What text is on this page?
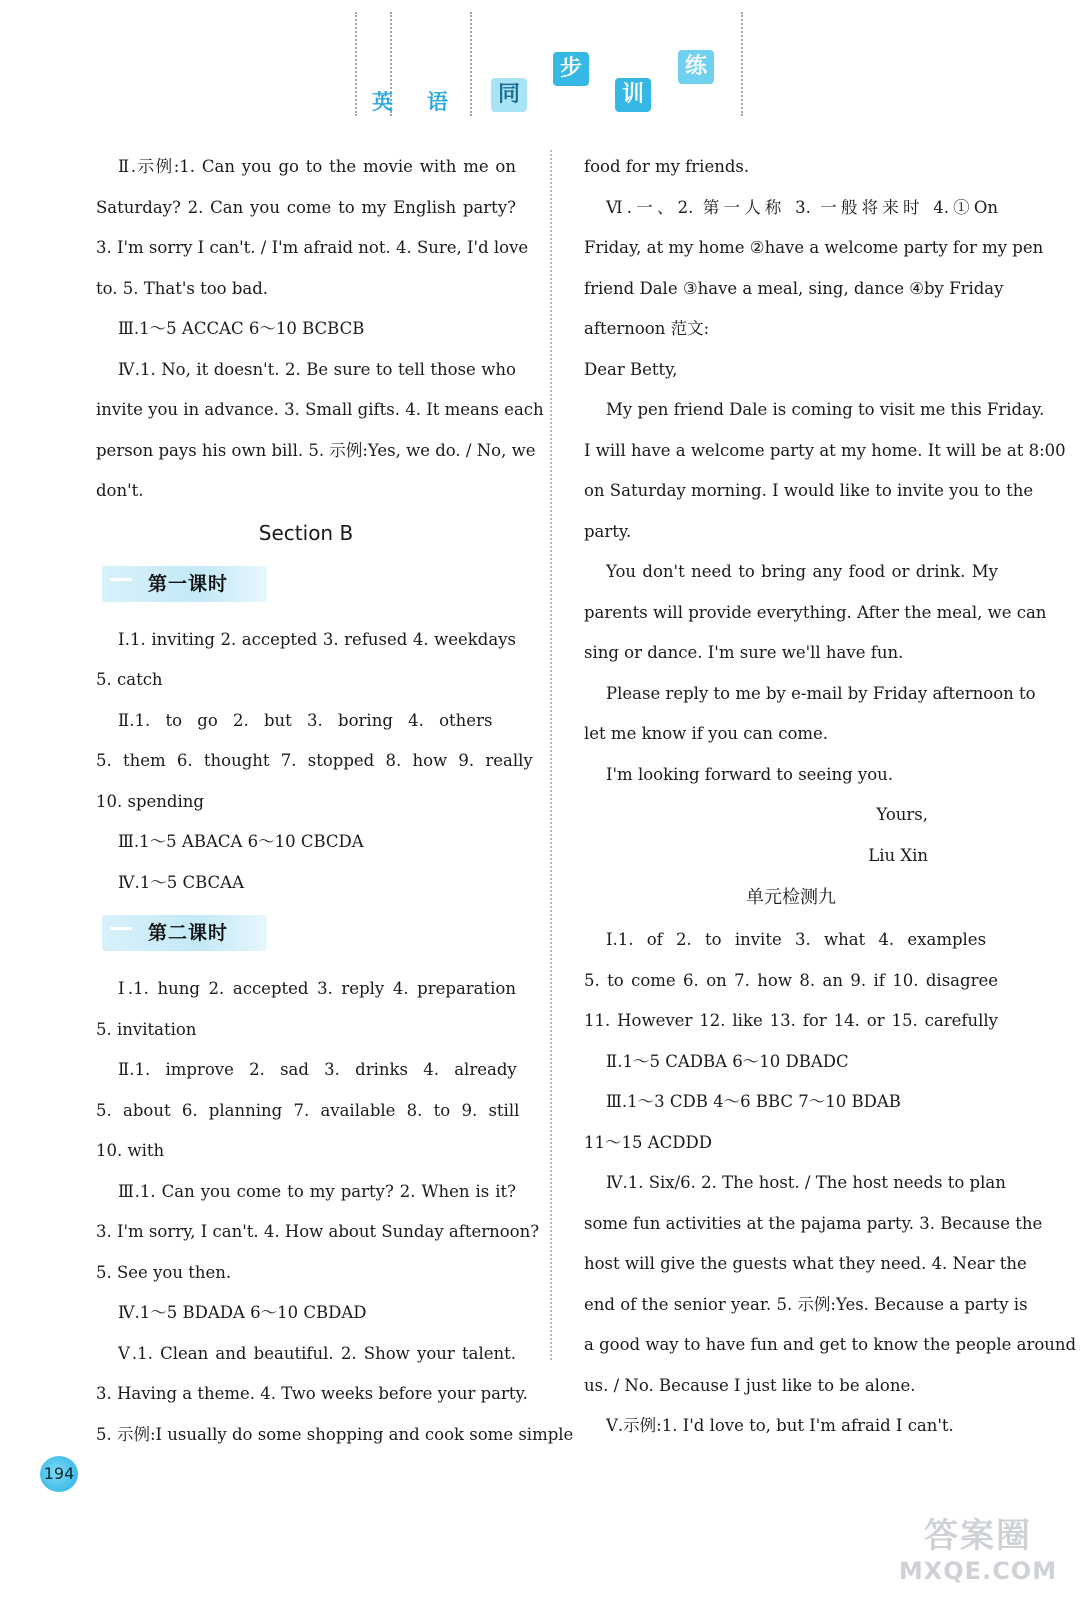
英 语	同
步
训
练
Ⅱ.示例:1. Can you go to the movie with me on
Saturday? 2. Can you come to my English party?
3. I'm sorry I can't. / I'm afraid not. 4. Sure, I'd love
to. 5. That's too bad.
Ⅲ.1～5 ACCAC 6～10 BCBCB
Ⅳ.1. No, it doesn't. 2. Be sure to tell those who
invite you in advance. 3. Small gifts. 4. It means each
person pays his own bill. 5. 示例:Yes, we do. / No, we
don't.
Section B
第一课时
Ⅰ.1. inviting 2. accepted 3. refused 4. weekdays
5. catch
Ⅱ.1. to go 2. but 3. boring 4. others
5. them 6. thought 7. stopped 8. how 9. really
10. spending
Ⅲ.1～5 ABACA 6～10 CBCDA
Ⅳ.1～5 CBCAA
第二课时
Ⅰ.1. hung 2. accepted 3. reply 4. preparation
5. invitation
Ⅱ.1. improve 2. sad 3. drinks 4. already
5. about 6. planning 7. available 8. to 9. still
10. with
Ⅲ.1. Can you come to my party? 2. When is it?
3. I'm sorry, I can't. 4. How about Sunday afternoon?
5. See you then.
Ⅳ.1～5 BDADA 6～10 CBDAD
Ⅴ.1. Clean and beautiful. 2. Show your talent.
3. Having a theme. 4. Two weeks before your party.
5. 示例:I usually do some shopping and cook some simple
food for my friends.
Ⅵ.一、2. 第一人称 3. 一般将来时 4.①On
Friday, at my home ②have a welcome party for my pen
friend Dale ③have a meal, sing, dance ④by Friday
afternoon 范文:
Dear Betty,
My pen friend Dale is coming to visit me this Friday.
I will have a welcome party at my home. It will be at 8:00
on Saturday morning. I would like to invite you to the
party.
You don't need to bring any food or drink. My
parents will provide everything. After the meal, we can
sing or dance. I'm sure we'll have fun.
Please reply to me by e-mail by Friday afternoon to
let me know if you can come.
I'm looking forward to seeing you.
Yours,
Liu Xin
单元检测九
Ⅰ.1. of 2. to invite 3. what 4. examples
5. to come 6. on 7. how 8. an 9. if 10. disagree
11. However 12. like 13. for 14. or 15. carefully
Ⅱ.1～5 CADBA 6～10 DBADC
Ⅲ.1～3 CDB 4～6 BBC 7～10 BDAB
11～15 ACDDD
Ⅳ.1. Six/6. 2. The host. / The host needs to plan
some fun activities at the pajama party. 3. Because the
host will give the guests what they need. 4. Near the
end of the senior year. 5. 示例:Yes. Because a party is
a good way to have fun and get to know the people around
us. / No. Because I just like to be alone.
Ⅴ.示例:1. I'd love to, but I'm afraid I can't.
194
答案圈
MXQE.COM
